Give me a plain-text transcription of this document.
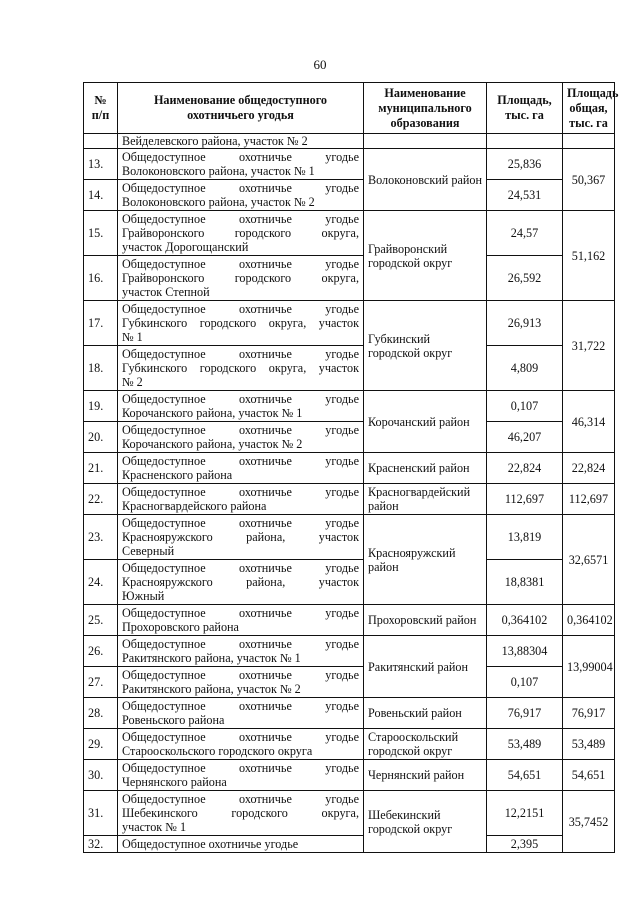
60
№ п/п	Наименование общедоступного охотничьего угодья	Наименование муниципального образования	Площадь, тыс. га	Площадь общая, тыс. га
	Вейделевского района, участок № 2			
13.	Общедоступное охотничье угодье
Волоконовского района, участок № 1	Волоконовский район	25,836	50,367
14.	Общедоступное охотничье угодье
Волоконовского района, участок № 2		24,531	
15.	Общедоступное охотничье угодье
Грайворонского городского округа,
участок Дорогощанский	Грайворонский городской округ	24,57	51,162
16.	Общедоступное охотничье угодье
Грайворонского городского округа,
участок Степной		26,592	
17.	Общедоступное охотничье угодье
Губкинского городского округа, участок
№ 1	Губкинский городской округ	26,913	31,722
18.	Общедоступное охотничье угодье
Губкинского городского округа, участок
№ 2		4,809	
19.	Общедоступное охотничье угодье
Корочанского района, участок № 1	Корочанский район	0,107	46,314
20.	Общедоступное охотничье угодье
Корочанского района, участок № 2		46,207	
21.	Общедоступное охотничье угодье
Красненского района	Красненский район	22,824	22,824
22.	Общедоступное охотничье угодье
Красногвардейского района	Красногвардейский район	112,697	112,697
23.	Общедоступное охотничье угодье
Краснояружского района, участок
Северный	Краснояружский район	13,819	32,6571
24.	Общедоступное охотничье угодье
Краснояружского района, участок
Южный		18,8381	
25.	Общедоступное охотничье угодье
Прохоровского района	Прохоровский район	0,364102	0,364102
26.	Общедоступное охотничье угодье
Ракитянского района, участок № 1	Ракитянский район	13,88304	13,99004
27.	Общедоступное охотничье угодье
Ракитянского района, участок № 2		0,107	
28.	Общедоступное охотничье угодье
Ровеньского района	Ровеньский район	76,917	76,917
29.	Общедоступное охотничье угодье
Старооскольского городского округа	Старооскольский городской округ	53,489	53,489
30.	Общедоступное охотничье угодье
Чернянского района	Чернянский район	54,651	54,651
31.	Общедоступное охотничье угодье
Шебекинского городского округа,
участок № 1	Шебекинский городской округ	12,2151	35,7452
32.	Общедоступное охотничье угодье		2,395	
